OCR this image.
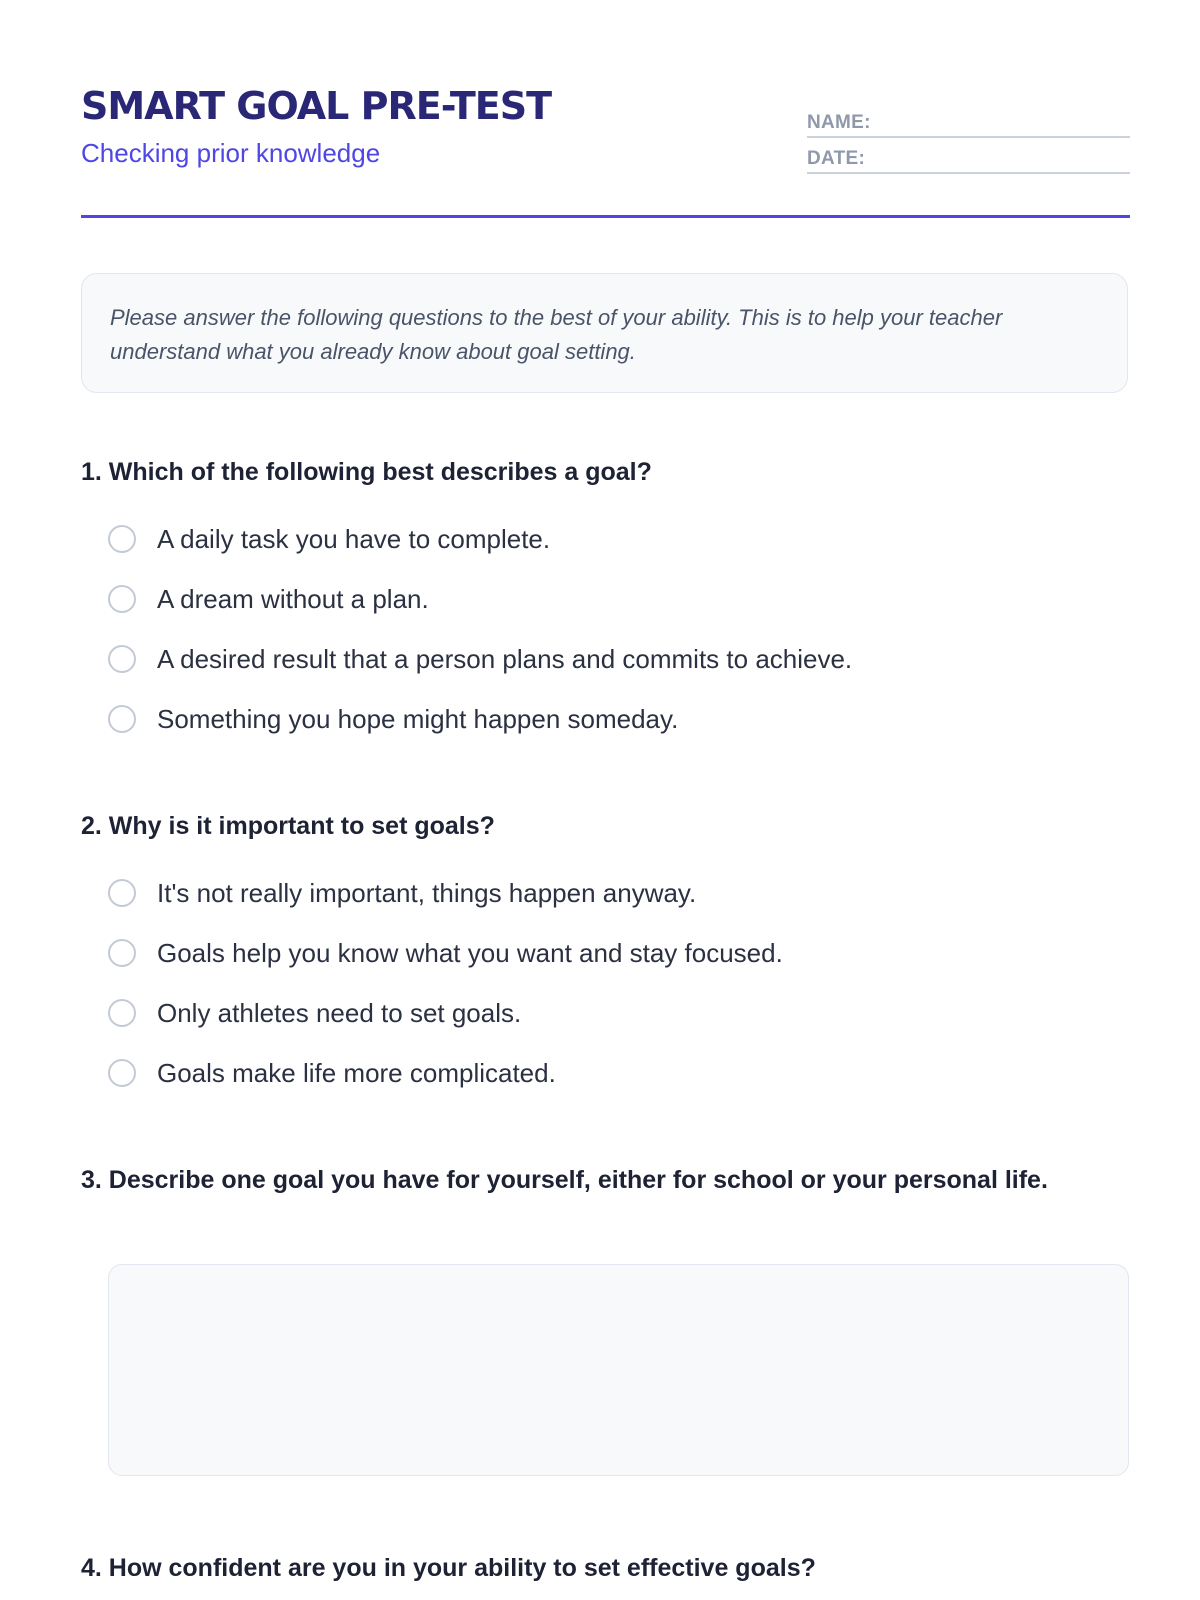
SMART GOAL PRE-TEST
Checking prior knowledge
NAME:
DATE:
Please answer the following questions to the best of your ability. This is to help your teacher understand what you already know about goal setting.

1. Which of the following best describes a goal?

A daily task you have to complete.
A dream without a plan.
A desired result that a person plans and commits to achieve.
Something you hope might happen someday.

2. Why is it important to set goals?

It's not really important, things happen anyway.
Goals help you know what you want and stay focused.
Only athletes need to set goals.
Goals make life more complicated.

3. Describe one goal you have for yourself, either for school or your personal life.

4. How confident are you in your ability to set effective goals?
